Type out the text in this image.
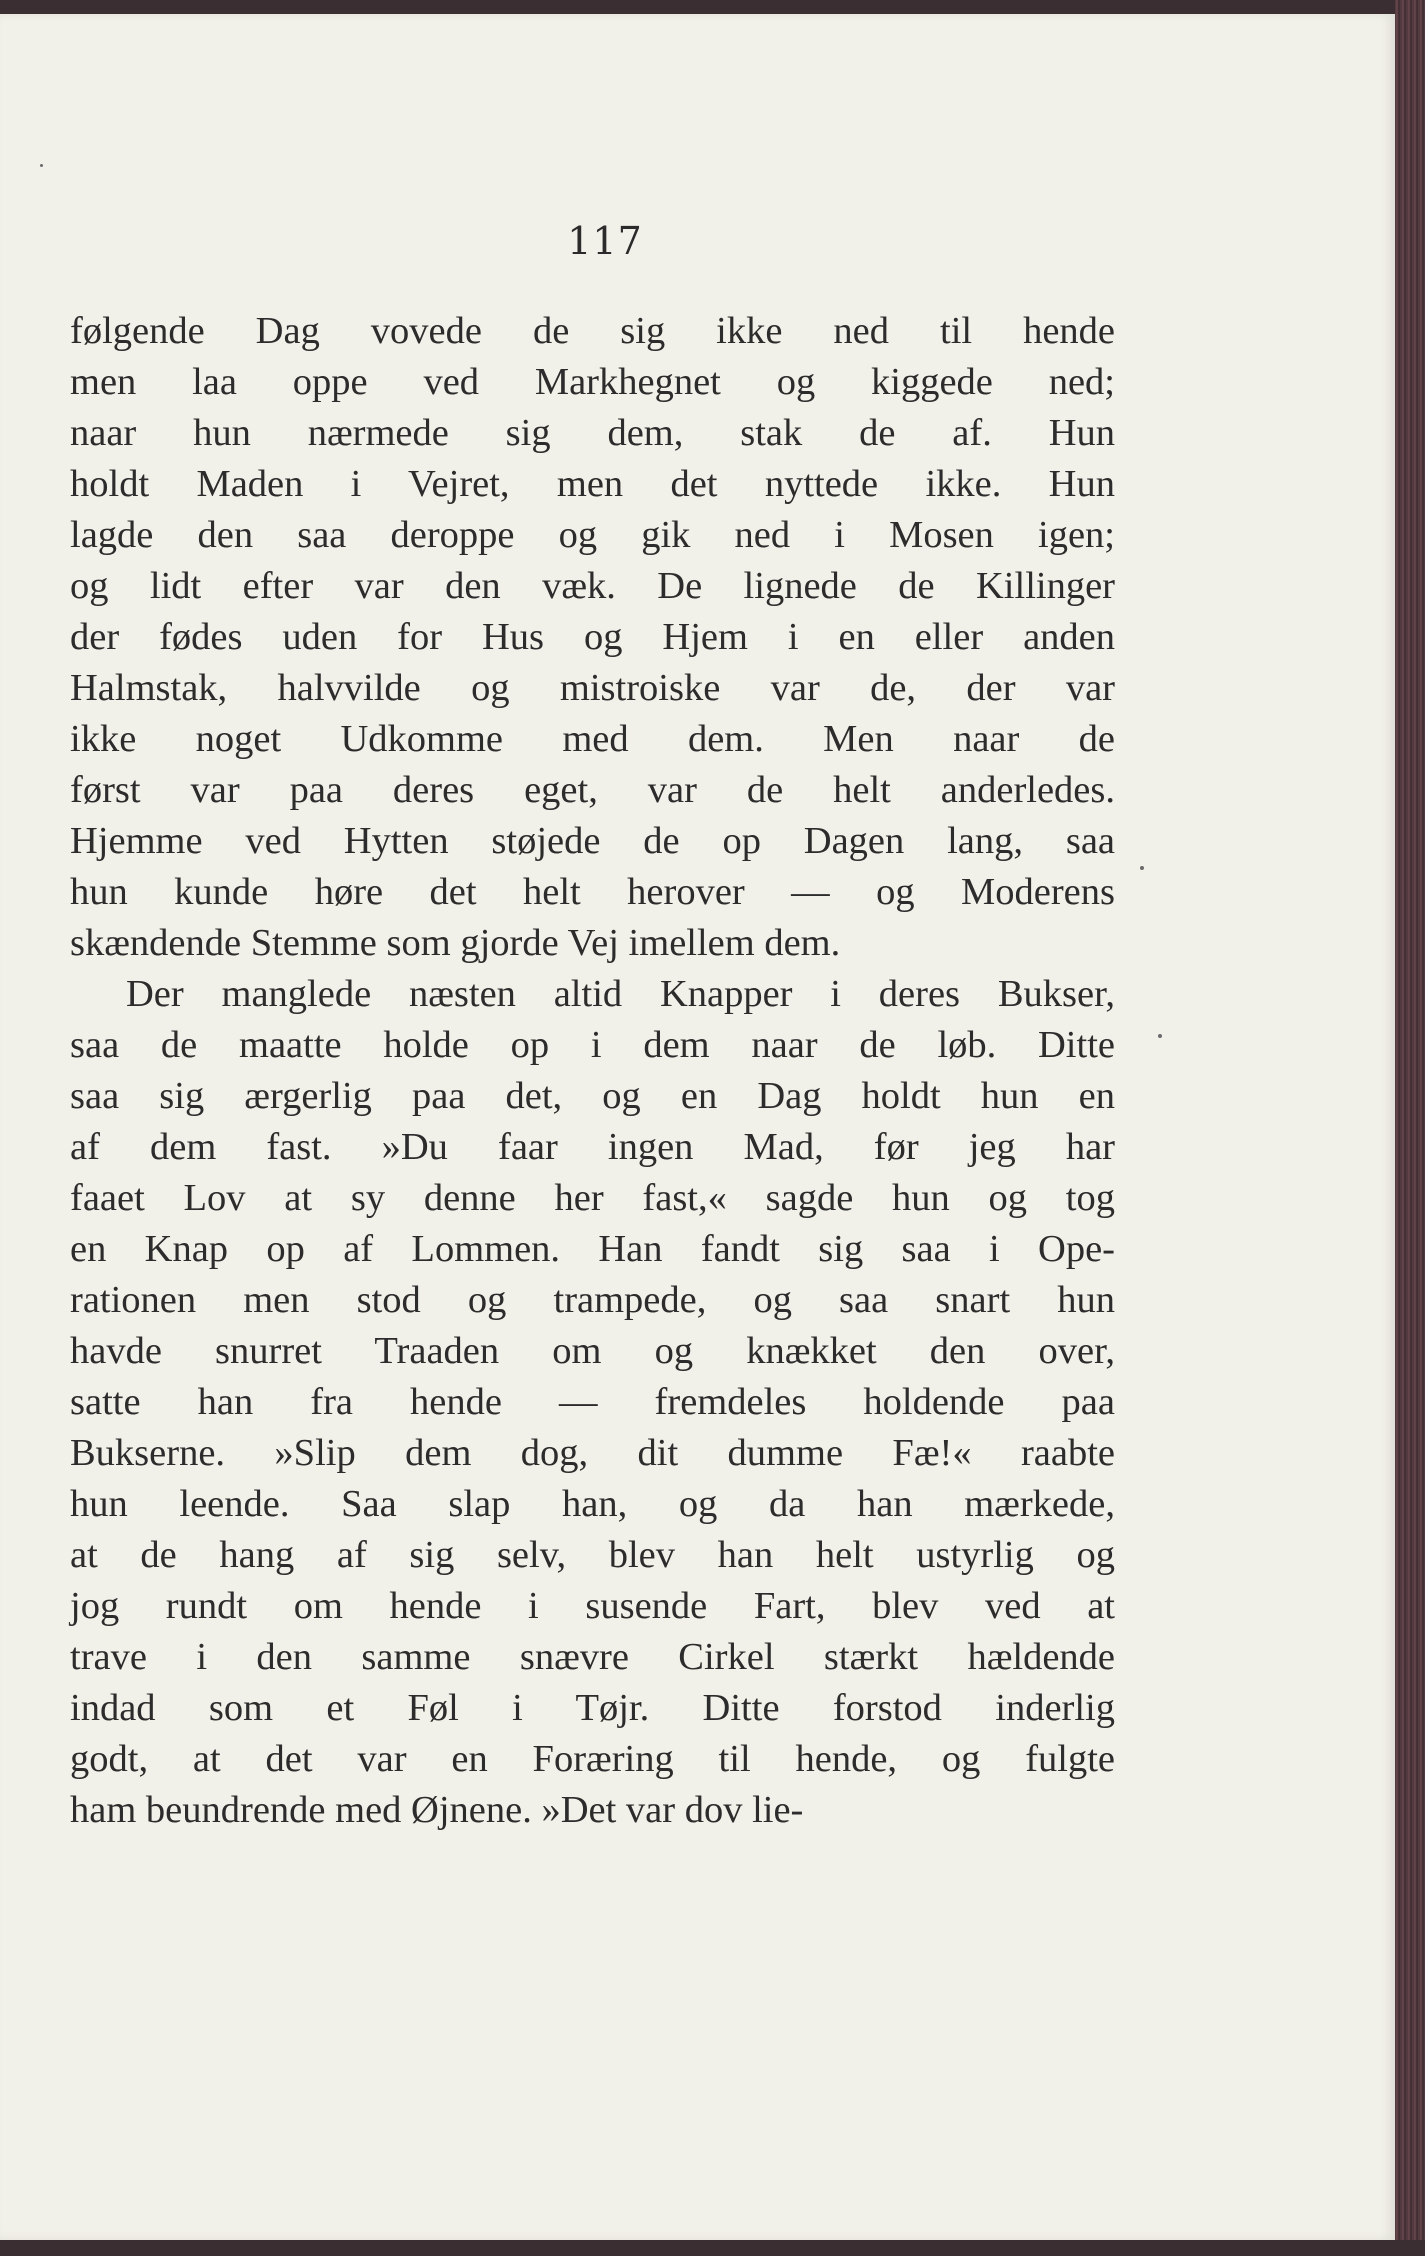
117
følgende Dag vovede de sig ikke ned til hende
men laa oppe ved Markhegnet og kiggede ned;
naar hun nærmede sig dem, stak de af. Hun
holdt Maden i Vejret, men det nyttede ikke. Hun
lagde den saa deroppe og gik ned i Mosen igen;
og lidt efter var den væk. De lignede de Killinger
der fødes uden for Hus og Hjem i en eller anden
Halmstak, halvvilde og mistroiske var de, der var
ikke noget Udkomme med dem. Men naar de
først var paa deres eget, var de helt anderledes.
Hjemme ved Hytten støjede de op Dagen lang, saa
hun kunde høre det helt herover — og Moderens
skændende Stemme som gjorde Vej imellem dem.
Der manglede næsten altid Knapper i deres Bukser,
saa de maatte holde op i dem naar de løb. Ditte
saa sig ærgerlig paa det, og en Dag holdt hun en
af dem fast. »Du faar ingen Mad, før jeg har
faaet Lov at sy denne her fast,« sagde hun og tog
en Knap op af Lommen. Han fandt sig saa i Ope-
rationen men stod og trampede, og saa snart hun
havde snurret Traaden om og knækket den over,
satte han fra hende — fremdeles holdende paa
Bukserne. »Slip dem dog, dit dumme Fæ!« raabte
hun leende. Saa slap han, og da han mærkede,
at de hang af sig selv, blev han helt ustyrlig og
jog rundt om hende i susende Fart, blev ved at
trave i den samme snævre Cirkel stærkt hældende
indad som et Føl i Tøjr. Ditte forstod inderlig
godt, at det var en Foræring til hende, og fulgte
ham beundrende med Øjnene. »Det var dov lie-
